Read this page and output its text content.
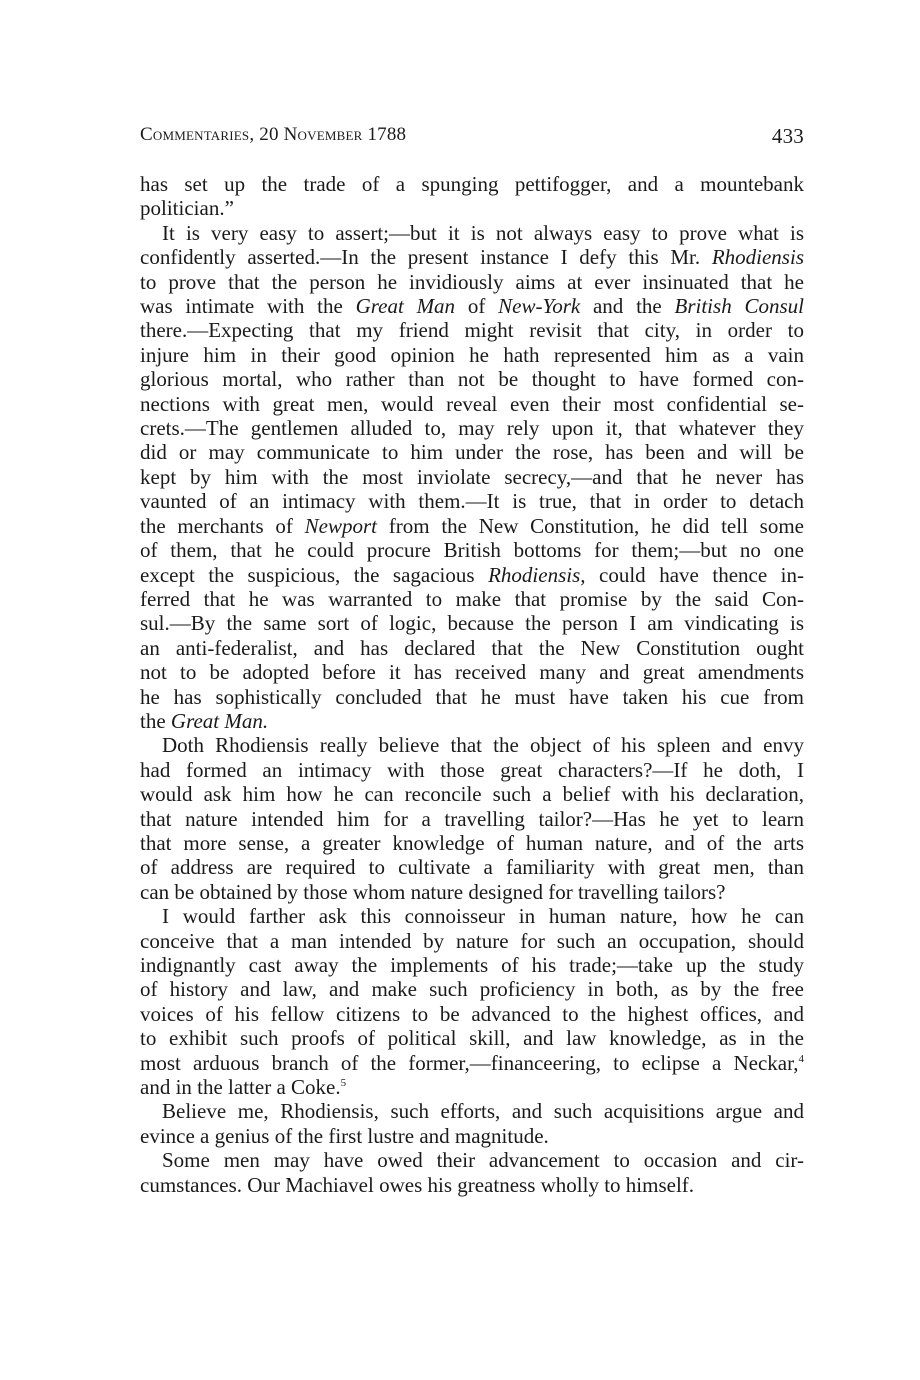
Commentaries, 20 November 1788	433

has set up the trade of a spunging pettifogger, and a mountebank
politician.”

It is very easy to assert;—but it is not always easy to prove what is
confidently asserted.—In the present instance I defy this Mr. Rhodiensis
to prove that the person he invidiously aims at ever insinuated that he
was intimate with the Great Man of New-York and the British Consul
there.—Expecting that my friend might revisit that city, in order to
injure him in their good opinion he hath represented him as a vain
glorious mortal, who rather than not be thought to have formed con-
nections with great men, would reveal even their most confidential se-
crets.—The gentlemen alluded to, may rely upon it, that whatever they
did or may communicate to him under the rose, has been and will be
kept by him with the most inviolate secrecy,—and that he never has
vaunted of an intimacy with them.—It is true, that in order to detach
the merchants of Newport from the New Constitution, he did tell some
of them, that he could procure British bottoms for them;—but no one
except the suspicious, the sagacious Rhodiensis, could have thence in-
ferred that he was warranted to make that promise by the said Con-
sul.—By the same sort of logic, because the person I am vindicating is
an anti-federalist, and has declared that the New Constitution ought
not to be adopted before it has received many and great amendments
he has sophistically concluded that he must have taken his cue from
the Great Man.

Doth Rhodiensis really believe that the object of his spleen and envy
had formed an intimacy with those great characters?—If he doth, I
would ask him how he can reconcile such a belief with his declaration,
that nature intended him for a travelling tailor?—Has he yet to learn
that more sense, a greater knowledge of human nature, and of the arts
of address are required to cultivate a familiarity with great men, than
can be obtained by those whom nature designed for travelling tailors?

I would farther ask this connoisseur in human nature, how he can
conceive that a man intended by nature for such an occupation, should
indignantly cast away the implements of his trade;—take up the study
of history and law, and make such proficiency in both, as by the free
voices of his fellow citizens to be advanced to the highest offices, and
to exhibit such proofs of political skill, and law knowledge, as in the
most arduous branch of the former,—financeering, to eclipse a Neckar,$^4$
and in the latter a Coke.$^5$

Believe me, Rhodiensis, such efforts, and such acquisitions argue and
evince a genius of the first lustre and magnitude.

Some men may have owed their advancement to occasion and cir-
cumstances. Our Machiavel owes his greatness wholly to himself.
